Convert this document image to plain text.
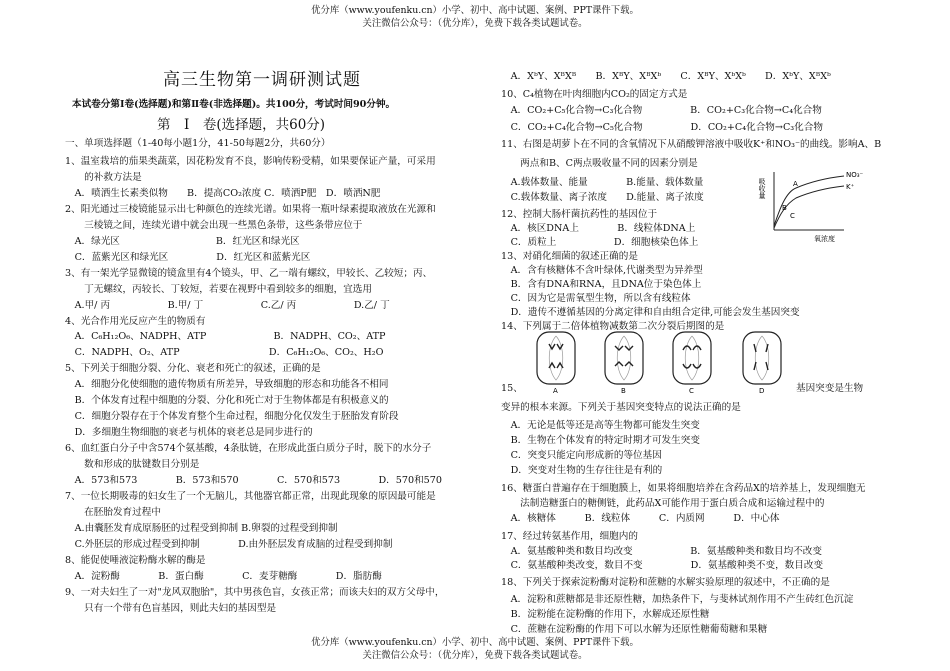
优分库（www.youfenku.cn）小学、初中、高中试题、案例、PPT课件下载。
关注微信公众号：（优分库），免费下载各类试题试卷。
高三生物第一调研测试题
本试卷分第Ⅰ卷(选择题)和第Ⅱ卷(非选择题)。共100分，考试时间90分钟。
第　Ⅰ　卷(选择题，共60分)
一、单项选择题（1-40每小题1分，41-50每题2分，共60分）
1、温室栽培的茄果类蔬菜，因花粉发育不良，影响传粉受精，如果要保证产量，可采用
　　的补救方法是
　A．喷洒生长素类似物　　B．提高CO₂浓度 C．喷洒P肥　D．喷洒N肥
2、阳光通过三棱镜能显示出七种颜色的连续光谱。如果将一瓶叶绿素提取液放在光源和
　　三棱镜之间，连续光谱中就会出现一些黑色条带，这些条带应位于
　A．绿光区　　　　　　　　　　B．红光区和绿光区
　C．蓝紫光区和绿光区　　　　　D．红光区和蓝紫光区
3、有一架光学显微镜的镜盒里有4个镜头，甲、乙一端有螺纹，甲较长、乙较短；丙、
　　丁无螺纹，丙较长、丁较短，若要在视野中看到较多的细胞，宜选用
　A.甲/ 丙　　　　　　B.甲/ 丁　　　　　　C.乙/ 丙　　　　　　D.乙/ 丁
4、光合作用光反应产生的物质有
　A．C₆H₁₂O₆、NADPH、ATP　　　　　　　B．NADPH、CO₂、ATP
　C．NADPH、O₂、ATP　　　　　　　　　 D．C₆H₁₂O₆、CO₂、H₂O
5、下列关于细胞分裂、分化、衰老和死亡的叙述，正确的是
　A．细胞分化使细胞的遗传物质有所差异，导致细胞的形态和功能各不相同
　B．个体发育过程中细胞的分裂、分化和死亡对于生物体都是有积极意义的
　C．细胞分裂存在于个体发育整个生命过程，细胞分化仅发生于胚胎发育阶段
　D．多细胞生物细胞的衰老与机体的衰老总是同步进行的
6、血红蛋白分子中含574个氨基酸，4条肽链，在形成此蛋白质分子时，脱下的水分子
　　数和形成的肽键数目分别是
　A．573和573　　　　B．573和570　　　　C．570和573　　　　D．570和570
7、一位长期吸毒的妇女生了一个无脑儿，其他器官都正常，出现此现象的原因最可能是
　　在胚胎发育过程中
　A.由囊胚发育成原肠胚的过程受到抑制 B.卵裂的过程受到抑制
　C.外胚层的形成过程受到抑制　　　　D.由外胚层发育成脑的过程受到抑制
8、能促使唾液淀粉酶水解的酶是
　A．淀粉酶　　　　B．蛋白酶　　　　C．麦芽糖酶　　　　D．脂肪酶
9、一对夫妇生了一对"龙风双胞胎"，其中男孩色盲，女孩正常；而该夫妇的双方父母中，
　　只有一个带有色盲基因，则此夫妇的基因型是
　A．XᵇY、XᴮXᴮ　　B．XᴮY、XᴮXᵇ　　C．XᴮY、XᵇXᵇ　　D．XᵇY、XᴮXᵇ
10、C₄植物在叶肉细胞内CO₂的固定方式是
　A．CO₂+C₅化合物→C₃化合物　　　　　B．CO₂+C₃化合物→C₄化合物
　C．CO₂+C₄化合物→C₅化合物　　　　　D．CO₂+C₄化合物→C₃化合物
11、右图是胡萝卜在不同的含氧情况下从硝酸钾溶液中吸收K⁺和NO₃⁻的曲线。影响A、B
　　两点和B、C两点吸收量不同的因素分别是
　A.载体数量、能量　　　　B.能量、载体数量
　C.载体数量、离子浓度　　D.能量、离子浓度
12、控制大肠杆菌抗药性的基因位于
　A．核区DNA上　　　　B．线粒体DNA上
　C．质粒上　　　　　　D．细胞核染色体上
13、对硝化细菌的叙述正确的是
　A．含有核糖体不含叶绿体,代谢类型为异养型
　B．含有DNA和RNA，且DNA位于染色体上
　C．因为它是需氧型生物，所以含有线粒体
　D．遗传不遵循基因的分离定律和自由组合定律,可能会发生基因突变
14、下列属于二倍体植物减数第二次分裂后期图的是
15、	基因突变是生物
变异的根本来源。下列关于基因突变特点的说法正确的是
　A．无论是低等还是高等生物都可能发生突变
　B．生物在个体发育的特定时期才可发生突变
　C．突变只能定向形成新的等位基因
　D．突变对生物的生存往往是有利的
16、糖蛋白普遍存在于细胞膜上，如果将细胞培养在含药品X的培养基上，发现细胞无
　　法制造糖蛋白的糖侧链，此药品X可能作用于蛋白质合成和运输过程中的
　A．核糖体　　　B．线粒体　　　C．内质网　　　D．中心体
17、经过转氨基作用，细胞内的
　A．氨基酸种类和数目均改变　　　　　　B．氨基酸种类和数目均不改变
　C．氨基酸种类改变，数目不变　　　　　D．氨基酸种类不变，数目改变
18、下列关于探索淀粉酶对淀粉和蔗糖的水解实验原理的叙述中，不正确的是
　A．淀粉和蔗糖都是非还原性糖，加热条件下，与斐林试剂作用不产生砖红色沉淀
　B．淀粉能在淀粉酶的作用下，水解成还原性糖
　C．蔗糖在淀粉酶的作用下可以水解为还原性糖葡萄糖和果糖
吸收量
氧浓度
NO₃⁻
K⁺
A
B
C
A	B	C	D
优分库（www.youfenku.cn）小学、初中、高中试题、案例、PPT课件下载。
关注微信公众号：（优分库），免费下载各类试题试卷。
